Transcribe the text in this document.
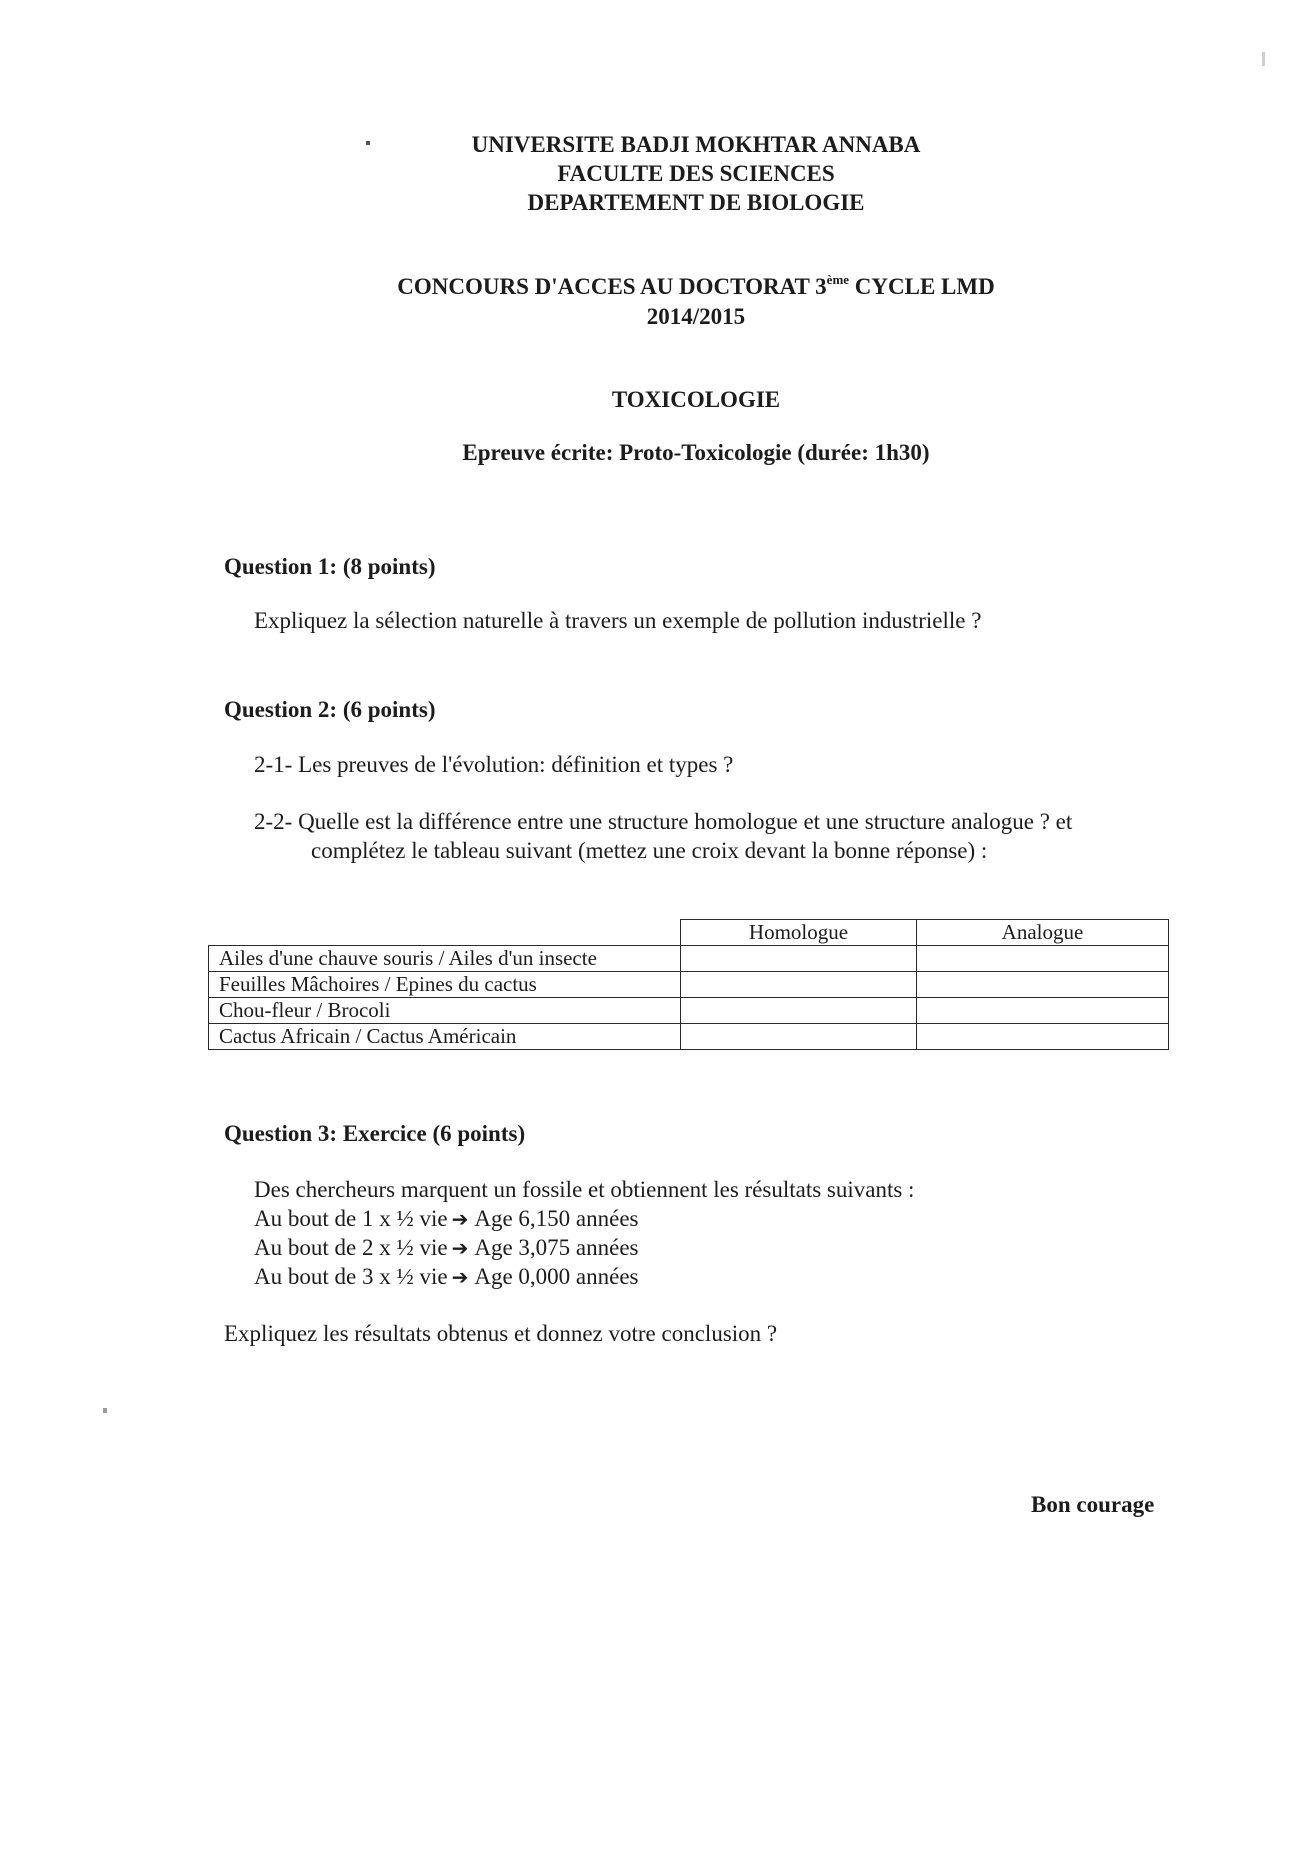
UNIVERSITE BADJI MOKHTAR ANNABA
FACULTE DES SCIENCES
DEPARTEMENT DE BIOLOGIE
CONCOURS D'ACCES AU DOCTORAT 3ème CYCLE LMD
2014/2015
TOXICOLOGIE
Epreuve écrite: Proto-Toxicologie (durée: 1h30)
Question 1: (8 points)
Expliquez la sélection naturelle à travers un exemple de pollution industrielle ?
Question 2: (6 points)
2-1- Les preuves de l'évolution: définition et types ?
2-2- Quelle est la différence entre une structure homologue et une structure analogue ? et
complétez le tableau suivant (mettez une croix devant la bonne réponse) :
	Homologue	Analogue
Ailes d'une chauve souris / Ailes d'un insecte		
Feuilles Mâchoires / Epines du cactus		
Chou-fleur / Brocoli		
Cactus Africain / Cactus Américain		
Question 3: Exercice (6 points)
Des chercheurs marquent un fossile et obtiennent les résultats suivants :
Au bout de 1 x ½ vie ➔ Age 6,150 années
Au bout de 2 x ½ vie ➔ Age 3,075 années
Au bout de 3 x ½ vie ➔ Age 0,000 années
Expliquez les résultats obtenus et donnez votre conclusion ?
Bon courage
